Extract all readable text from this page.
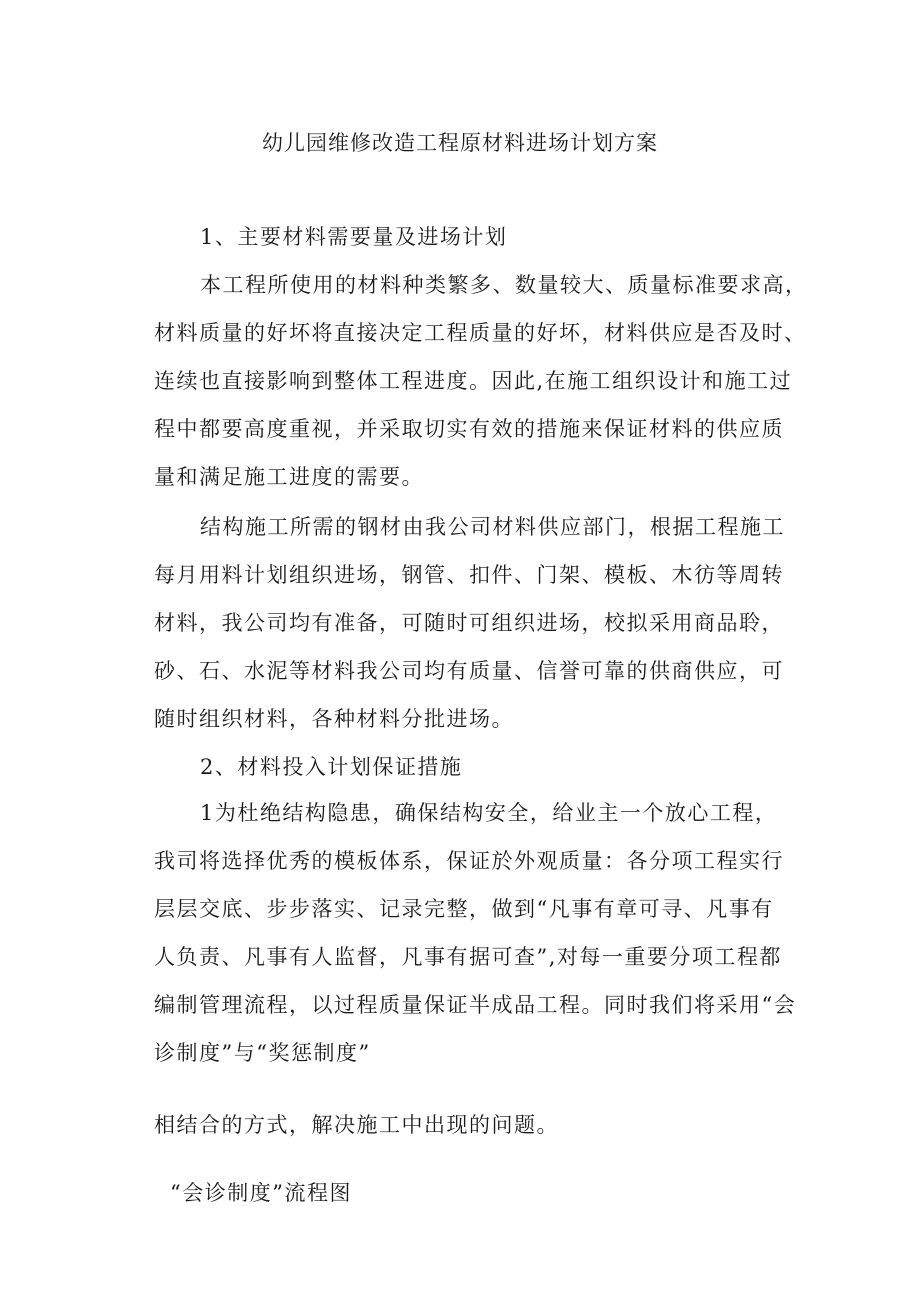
幼儿园维修改造工程原材料进场计划方案
1、主要材料需要量及进场计划
本工程所使用的材料种类繁多、数量较大、质量标准要求高，
材料质量的好坏将直接决定工程质量的好坏，材料供应是否及时、
连续也直接影响到整体工程进度。因此,在施工组织设计和施工过
程中都要高度重视，并采取切实有效的措施来保证材料的供应质
量和满足施工进度的需要。
结构施工所需的钢材由我公司材料供应部门，根据工程施工
每月用料计划组织进场，钢管、扣件、门架、模板、木彷等周转
材料，我公司均有准备，可随时可组织进场，校拟采用商品聆，
砂、石、水泥等材料我公司均有质量、信誉可靠的供商供应，可
随时组织材料，各种材料分批进场。
2、材料投入计划保证措施
1为杜绝结构隐患，确保结构安全，给业主一个放心工程，
我司将选择优秀的模板体系，保证於外观质量：各分项工程实行
层层交底、步步落实、记录完整，做到“凡事有章可寻、凡事有
人负责、凡事有人监督，凡事有据可查”,对每一重要分项工程都
编制管理流程，以过程质量保证半成品工程。同时我们将采用“会
诊制度”与“奖惩制度”
相结合的方式，解决施工中出现的问题。
“会诊制度”流程图
